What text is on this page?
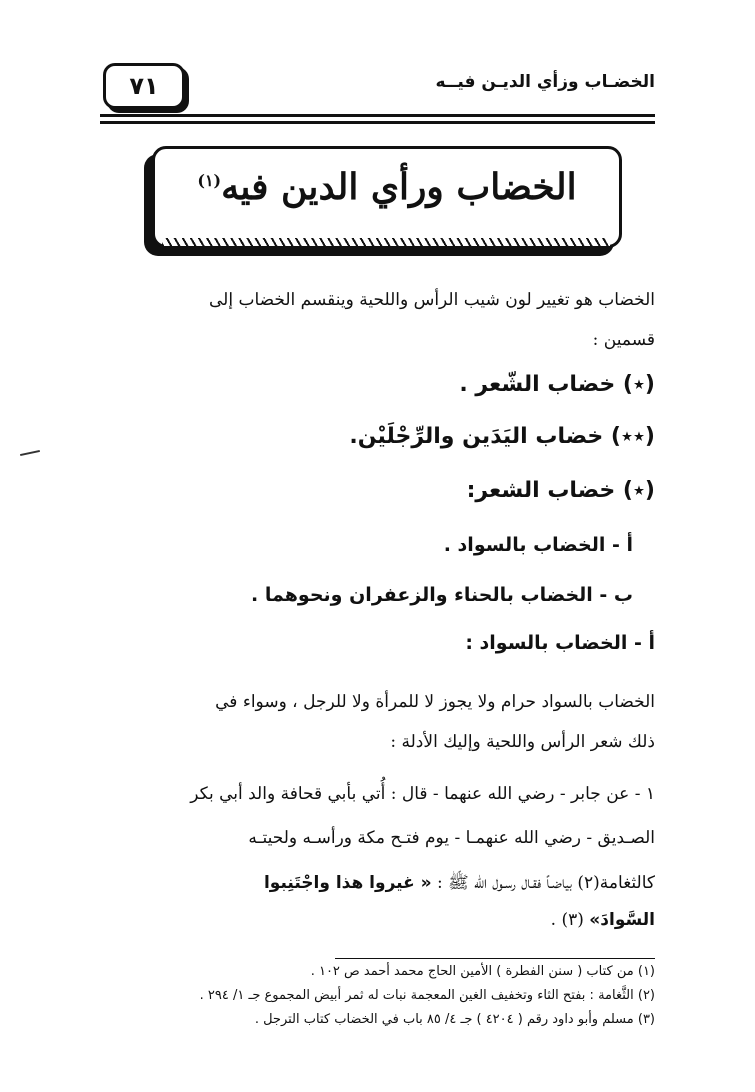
الخضـاب وزأي الديـن فيــه
٧١
الخضاب ورأي الدين فيه$^{(١)}$
الخضاب هو تغيير لون شيب الرأس واللحية وينقسم الخضاب إلى
قسمين :
(٭) خضاب الشّعر .
(٭٭) خضاب اليَدَين والرِّجْلَيْن.
(٭) خضاب الشعر:
أ - الخضاب بالسواد .
ب - الخضاب بالحناء والزعفران ونحوهما .
أ - الخضاب بالسواد :
الخضاب بالسواد حرام ولا يجوز لا للمرأة ولا للرجل ، وسواء في
ذلك شعر الرأس واللحية وإليك الأدلة :
١ - عن جابر - رضي الله عنهما - قال : أُتي بأبي قحافة والد أبي بكر
الصـديق - رضي الله عنهمـا - يوم فتـح مكة ورأسـه ولحيتـه
كالثغامة(٢) بياضـاً فقـال رسـول الله ﷺ : « غيروا هذا واجْتَنِبوا
السَّوادَ» (٣) .
(١) من كتاب ( سنن الفطرة ) الأمين الحاج محمد أحمد ص ١٠٢ .
(٢) الثَّغامة : بفتح الثاء وتخفيف الغين المعجمة نبات له ثمر أبيض المجموع جـ ١/ ٢٩٤ .
(٣) مسلم وأبو داود رقم ( ٤٢٠٤ ) جـ ٤/ ٨٥ باب في الخضاب كتاب الترجل .
